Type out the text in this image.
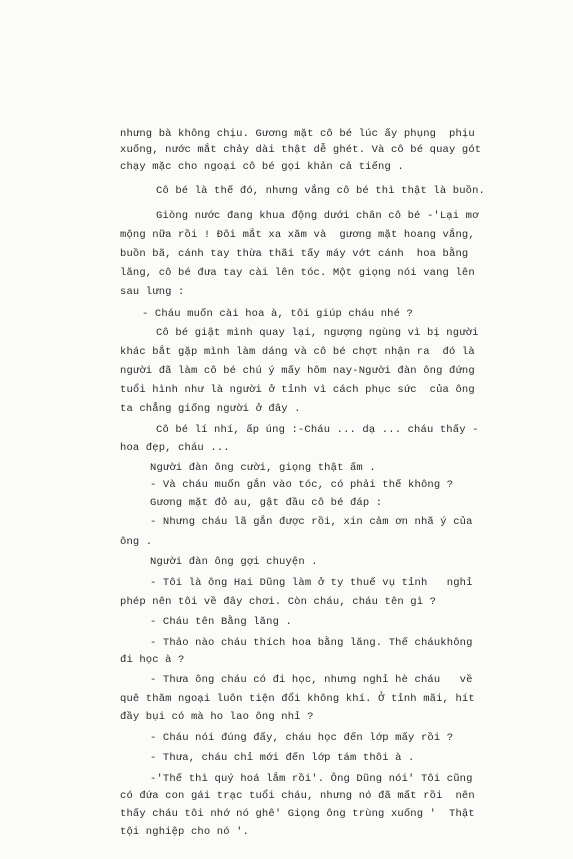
nhưng bà không chịu. Gương mặt cô bé lúc ấy phụng  phịu
xuống, nước mắt chảy dài thật dễ ghét. Và cô bé quay gót
chạy mặc cho ngoại cô bé gọi khản cả tiếng .
Cô bé là thế đó, nhưng vắng cô bé thì thật là buồn.
Giòng nước đang khua động dưới chân cô bé -'Lại mơ
mộng nữa rồi ! Đôi mắt xa xăm và  gương mặt hoang vắng,
buồn bã, cánh tay thừa thãi tấy máy vớt cánh  hoa bằng
lăng, cô bé đưa tay cài lên tóc. Một giọng nói vang lên
sau lưng :
- Cháu muốn cài hoa à, tôi giúp cháu nhé ?
Cô bé giật mình quay lại, ngượng ngùng vì bị người
khác bắt gặp mình làm dáng và cô bé chợt nhận ra  đó là
người đã làm cô bé chú ý mấy hôm nay-Người đàn ông đứng
tuổi hình như là người ở tỉnh vì cách phục sức  của ông
ta chẳng giống người ở đây .
Cô bé lí nhí, ấp úng :-Cháu ... dạ ... cháu thấy -
hoa đẹp, cháu ...
Người đàn ông cười, giọng thật ấm .
- Và cháu muốn gắn vào tóc, có phải thế không ?
Gương mặt đỏ au, gật đầu cô bé đáp :
- Nhưng cháu lã gắn được rồi, xin cảm ơn nhã ý của
ông .
Người đàn ông gợi chuyện .
- Tôi là ông Hai Dũng làm ở ty thuế vụ tỉnh   nghỉ
phép nên tôi về đây chơi. Còn cháu, cháu tên gì ?
- Cháu tên Bằng lăng .
- Thảo nào cháu thích hoa bằng lăng. Thế cháukhông
đi học à ?
- Thưa ông cháu có đi học, nhưng nghỉ hè cháu   về
quê thăm ngoại luôn tiện đổi không khí. Ở tỉnh mãi, hít
đầy bụi có mà ho lao ông nhỉ ?
- Cháu nói đúng đấy, cháu học đến lớp mấy rồi ?
- Thưa, cháu chỉ mới đến lớp tám thôi à .
-'Thế thì quý hoá lắm rồi'. Ông Dũng nói' Tôi cũng
có đứa con gái trạc tuổi cháu, nhưng nó đã mất rồi  nên
thấy cháu tôi nhớ nó ghê' Giọng ông trùng xuống '  Thật
tội nghiệp cho nó '.
